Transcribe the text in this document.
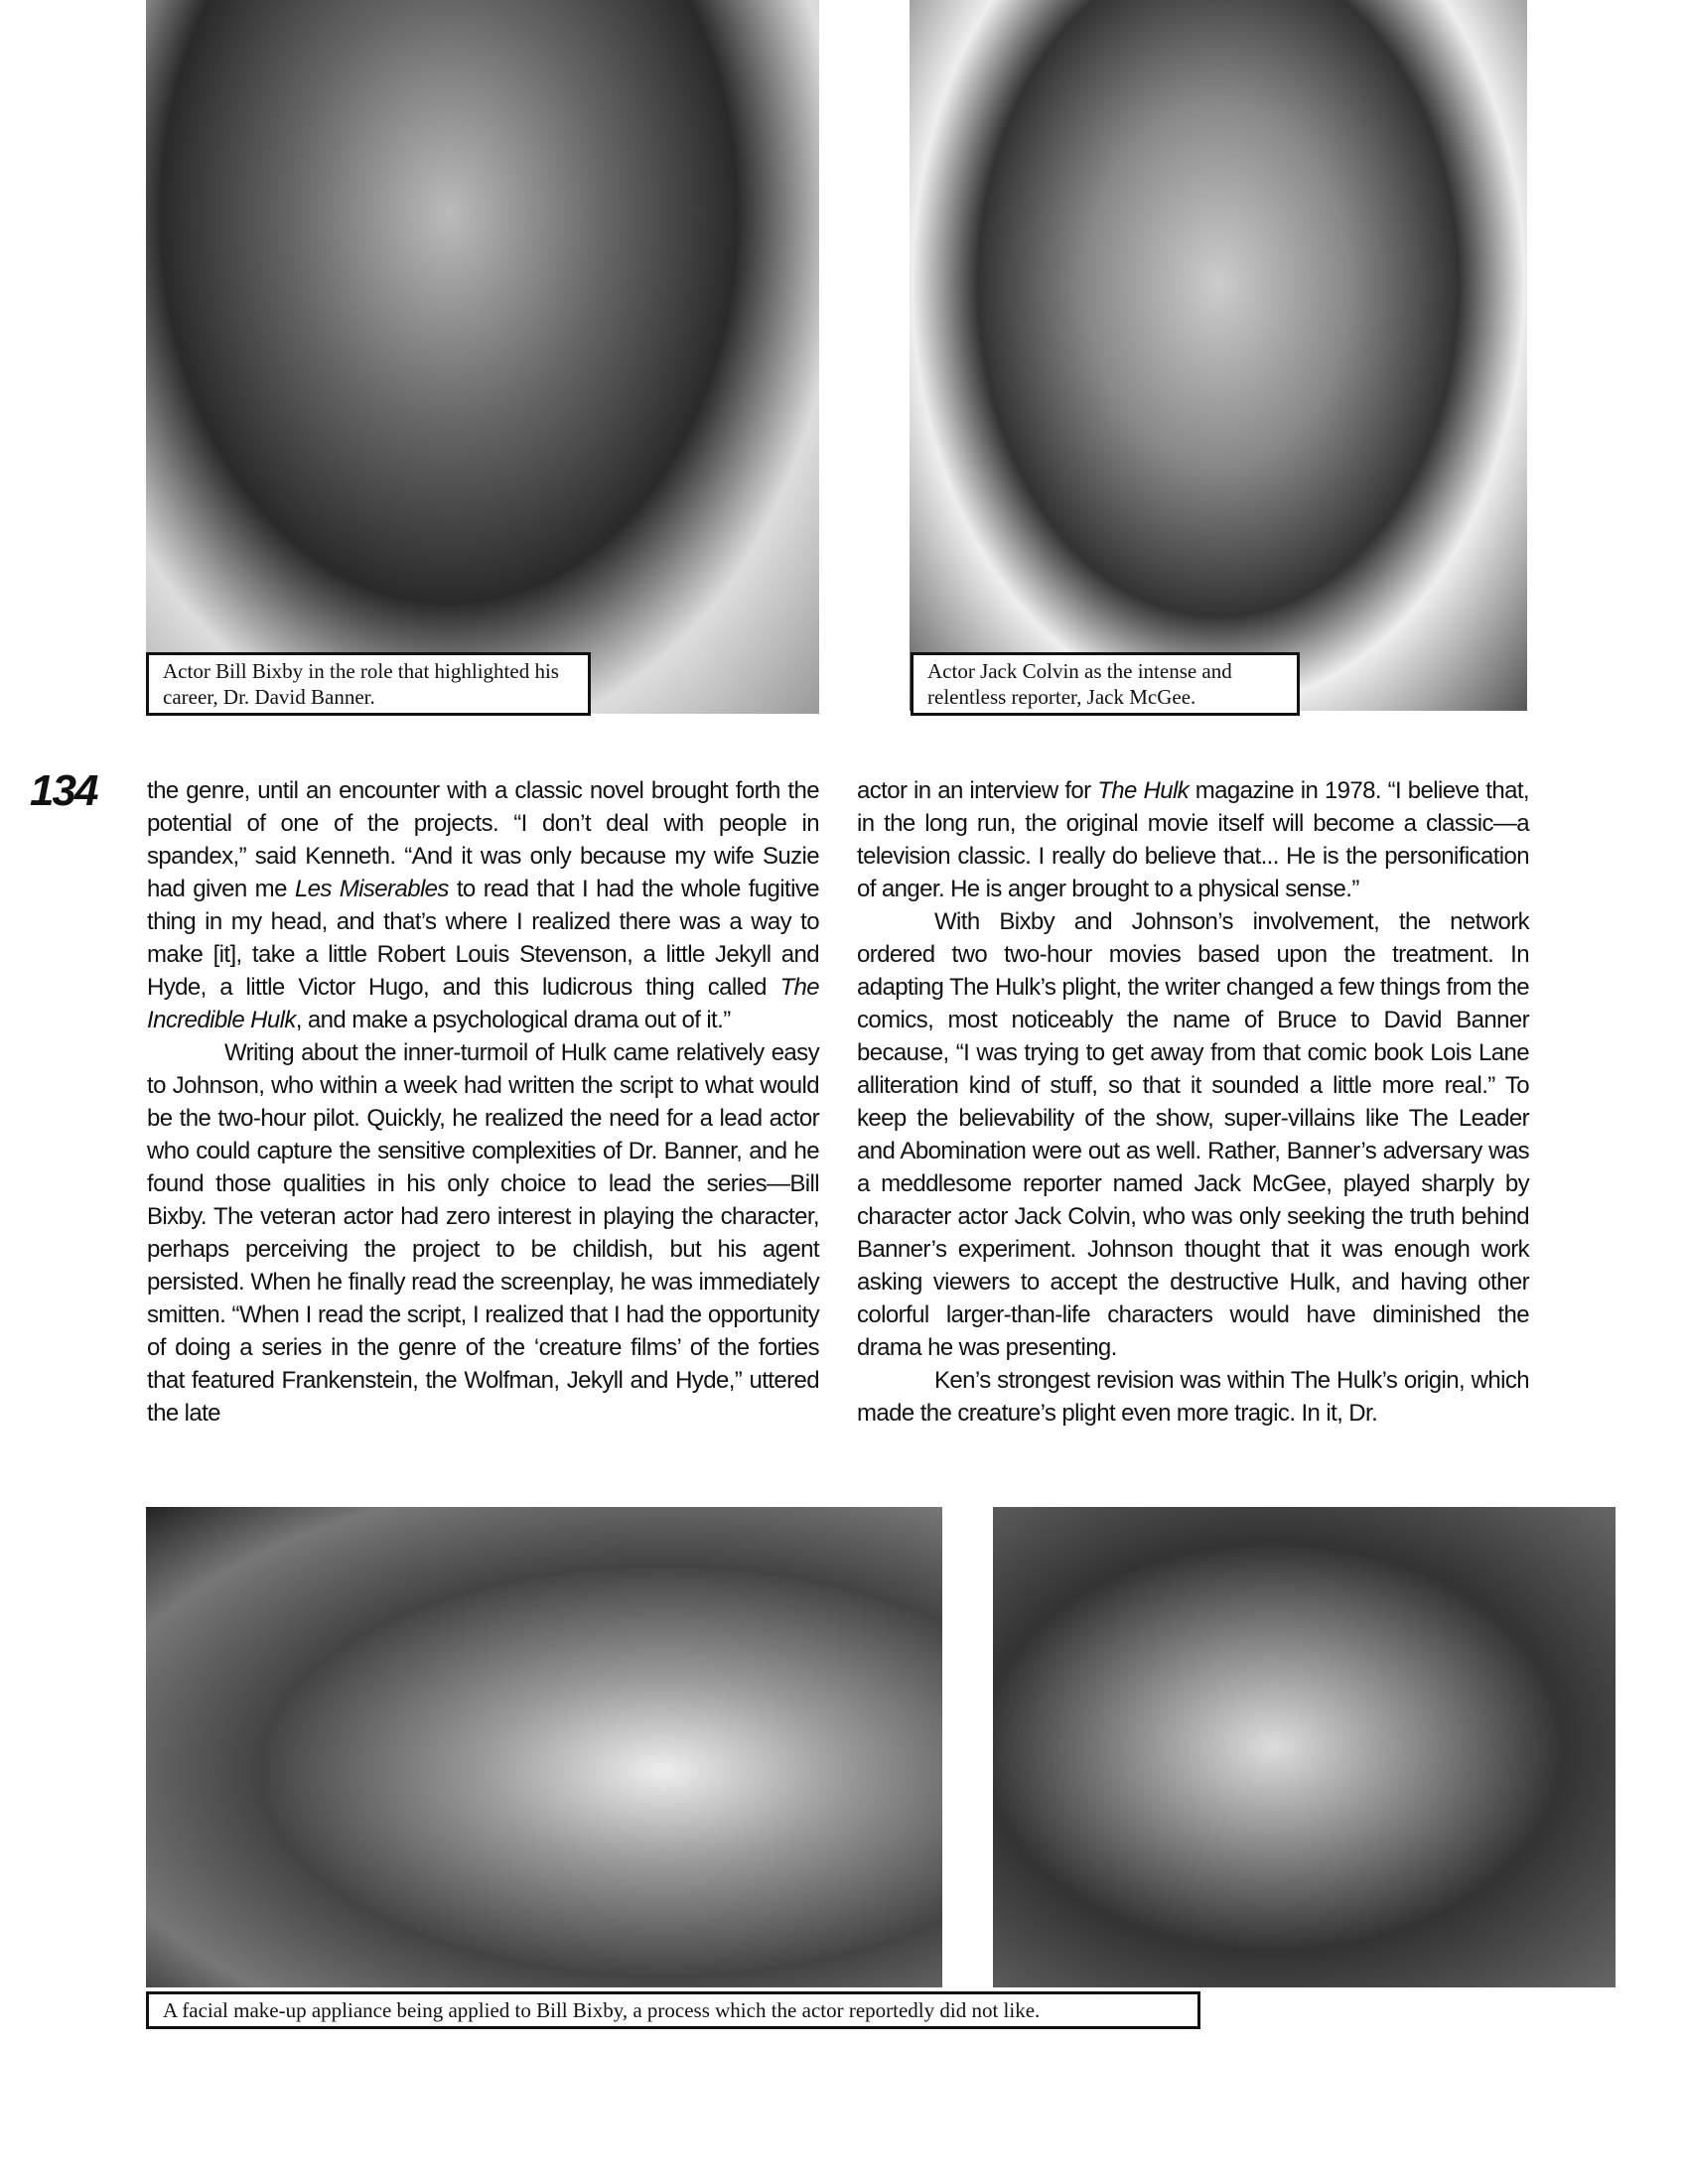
Actor Bill Bixby in the role that highlighted his career, Dr. David Banner.
Actor Jack Colvin as the intense and relentless reporter, Jack McGee.
134 the genre, until an encounter with a classic novel brought forth the potential of one of the projects. “I don’t deal with people in spandex,” said Kenneth. “And it was only because my wife Suzie had given me Les Miserables to read that I had the whole fugitive thing in my head, and that’s where I realized there was a way to make [it], take a little Robert Louis Stevenson, a little Jekyll and Hyde, a little Victor Hugo, and this ludicrous thing called The Incredible Hulk, and make a psychological drama out of it.”

Writing about the inner-turmoil of Hulk came relatively easy to Johnson, who within a week had written the script to what would be the two-hour pilot. Quickly, he realized the need for a lead actor who could capture the sensitive complexities of Dr. Banner, and he found those qualities in his only choice to lead the series—Bill Bixby. The veteran actor had zero interest in playing the character, perhaps perceiving the project to be childish, but his agent persisted. When he finally read the screenplay, he was immediately smitten. “When I read the script, I realized that I had the opportunity of doing a series in the genre of the ‘creature films’ of the forties that featured Frankenstein, the Wolfman, Jekyll and Hyde,” uttered the late

actor in an interview for The Hulk magazine in 1978. “I believe that, in the long run, the original movie itself will become a classic—a television classic. I really do believe that... He is the personification of anger. He is anger brought to a physical sense.”

With Bixby and Johnson’s involvement, the network ordered two two-hour movies based upon the treatment. In adapting The Hulk’s plight, the writer changed a few things from the comics, most noticeably the name of Bruce to David Banner because, “I was trying to get away from that comic book Lois Lane alliteration kind of stuff, so that it sounded a little more real.” To keep the believability of the show, super-villains like The Leader and Abomination were out as well. Rather, Banner’s adversary was a meddlesome reporter named Jack McGee, played sharply by character actor Jack Colvin, who was only seeking the truth behind Banner’s experiment. Johnson thought that it was enough work asking viewers to accept the destructive Hulk, and having other colorful larger-than-life characters would have diminished the drama he was presenting.

Ken’s strongest revision was within The Hulk’s origin, which made the creature’s plight even more tragic. In it, Dr.

A facial make-up appliance being applied to Bill Bixby, a process which the actor reportedly did not like.
